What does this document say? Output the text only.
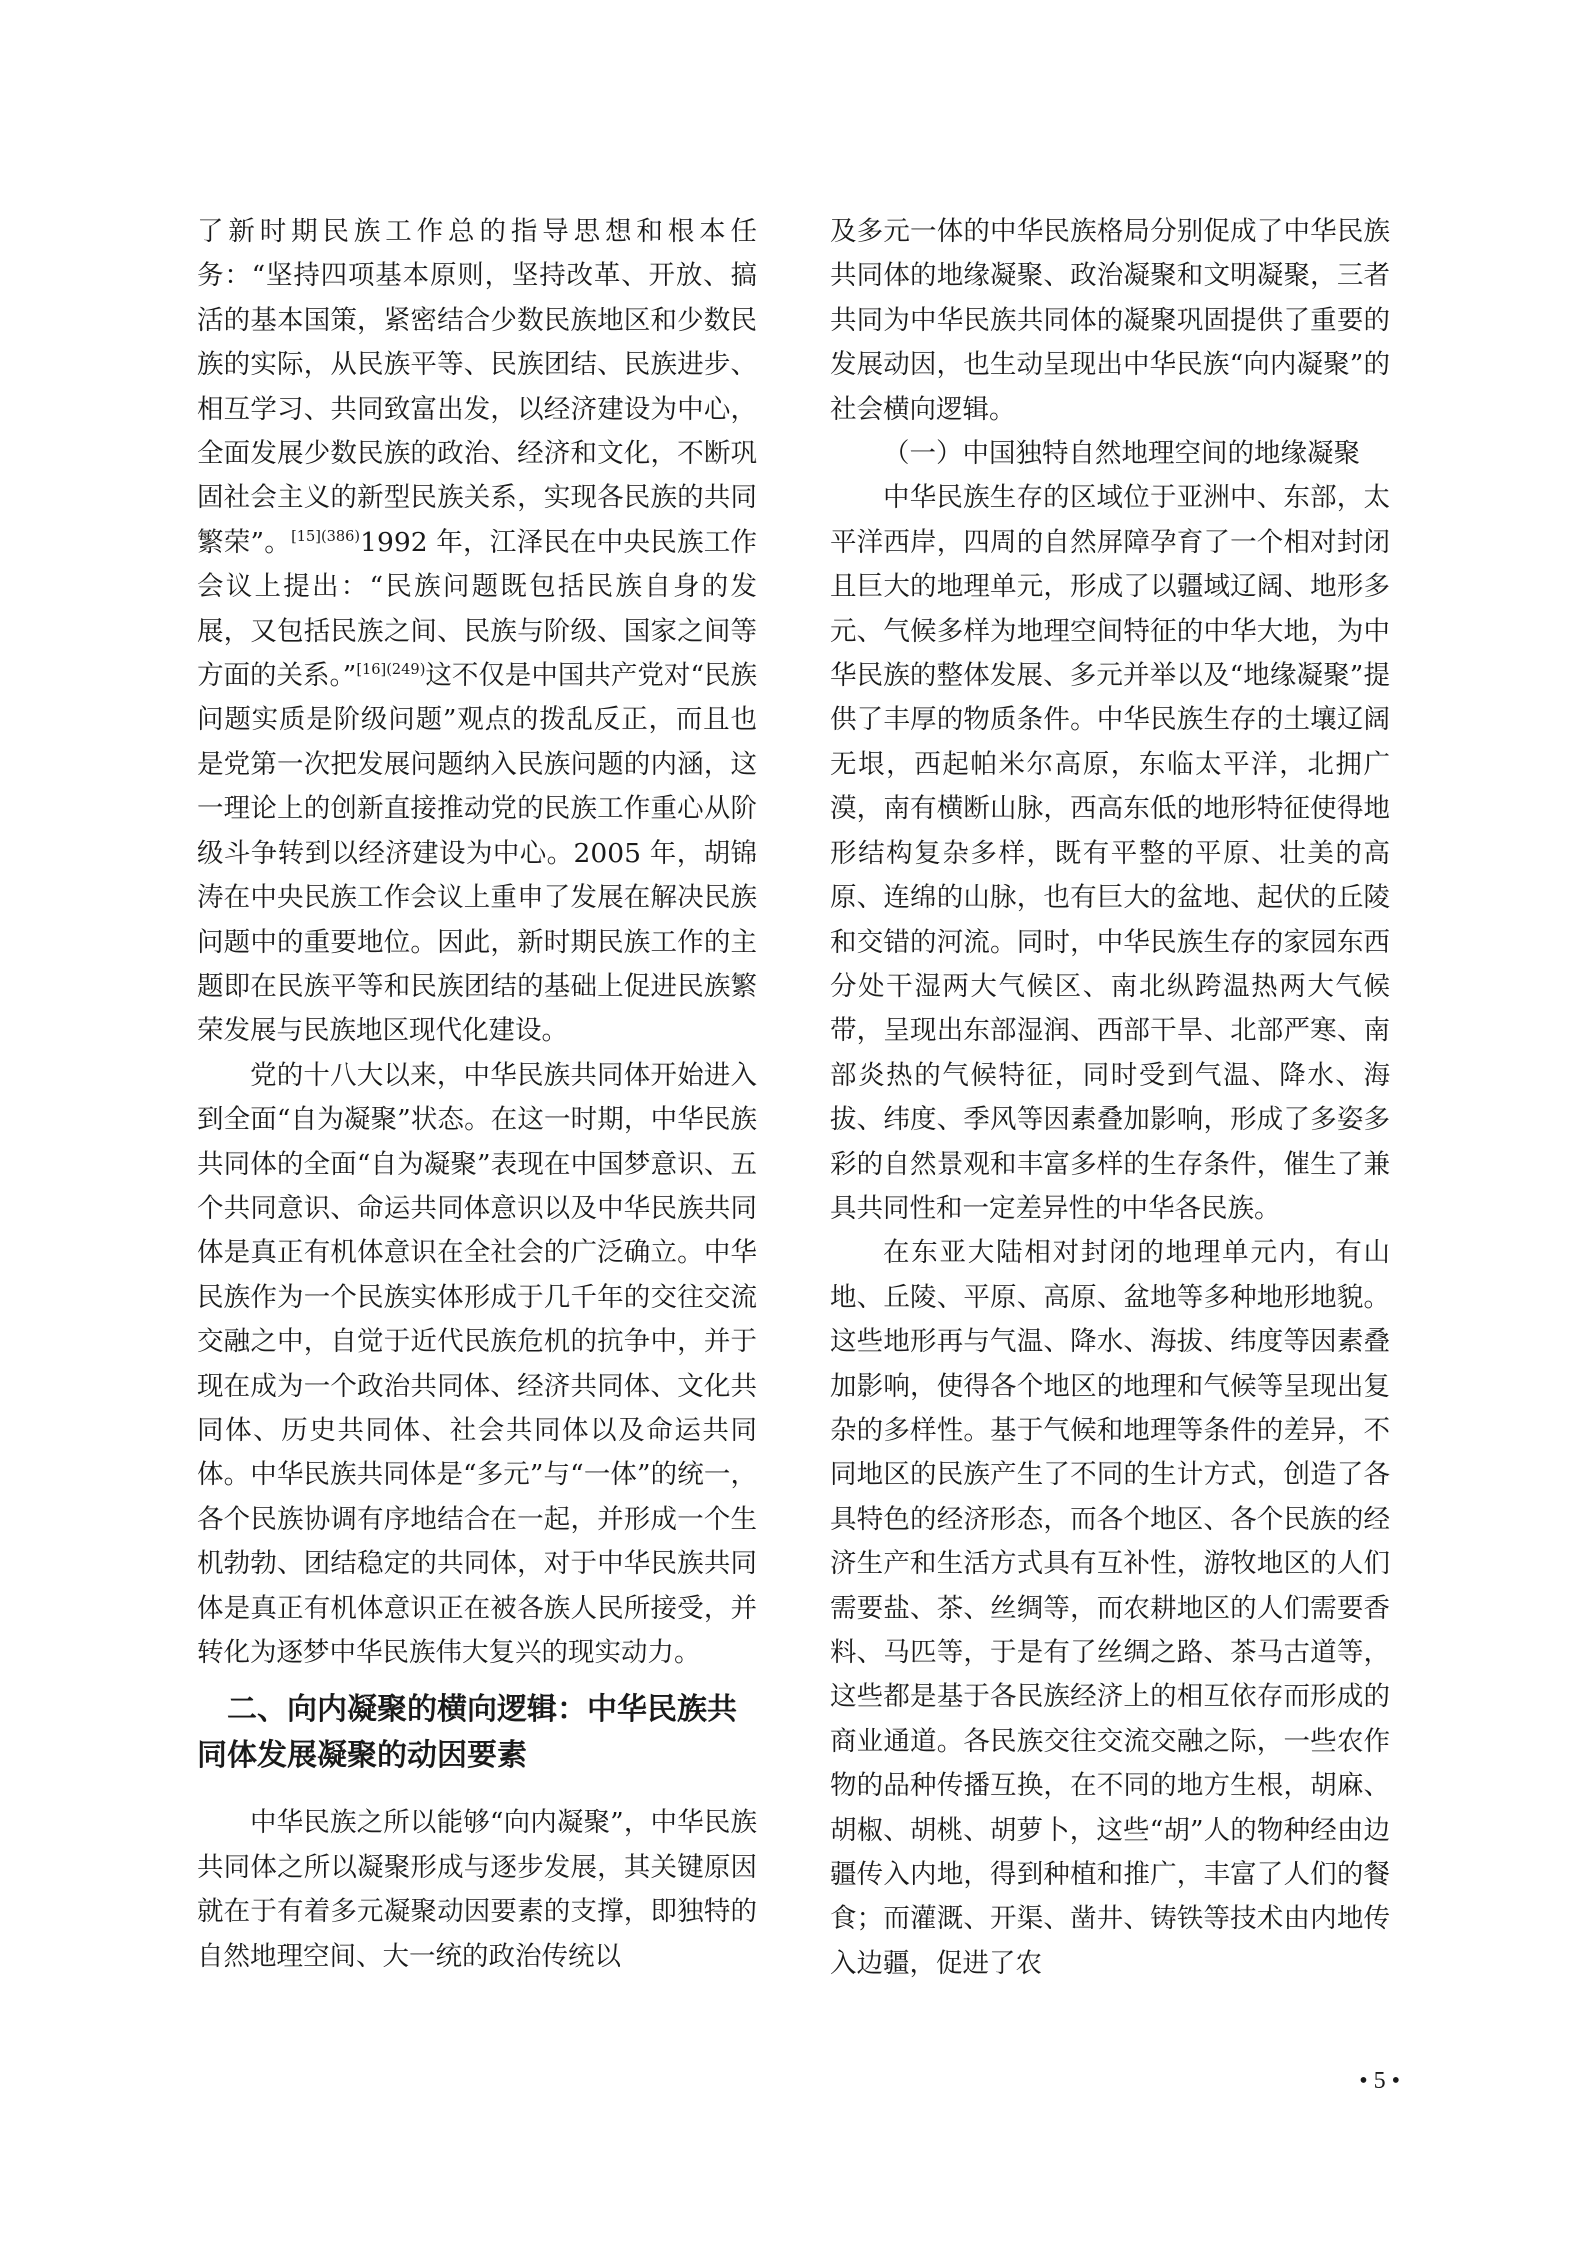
了新时期民族工作总的指导思想和根本任务：“坚持四项基本原则，坚持改革、开放、搞活的基本国策，紧密结合少数民族地区和少数民族的实际，从民族平等、民族团结、民族进步、相互学习、共同致富出发，以经济建设为中心，全面发展少数民族的政治、经济和文化，不断巩固社会主义的新型民族关系，实现各民族的共同繁荣”。$^{[15](386)}$1992 年，江泽民在中央民族工作会议上提出：“民族问题既包括民族自身的发展，又包括民族之间、民族与阶级、国家之间等方面的关系。”$^{[16](249)}$这不仅是中国共产党对“民族问题实质是阶级问题”观点的拨乱反正，而且也是党第一次把发展问题纳入民族问题的内涵，这一理论上的创新直接推动党的民族工作重心从阶级斗争转到以经济建设为中心。2005 年，胡锦涛在中央民族工作会议上重申了发展在解决民族问题中的重要地位。因此，新时期民族工作的主题即在民族平等和民族团结的基础上促进民族繁荣发展与民族地区现代化建设。

党的十八大以来，中华民族共同体开始进入到全面“自为凝聚”状态。在这一时期，中华民族共同体的全面“自为凝聚”表现在中国梦意识、五个共同意识、命运共同体意识以及中华民族共同体是真正有机体意识在全社会的广泛确立。中华民族作为一个民族实体形成于几千年的交往交流交融之中，自觉于近代民族危机的抗争中，并于现在成为一个政治共同体、经济共同体、文化共同体、历史共同体、社会共同体以及命运共同体。中华民族共同体是“多元”与“一体”的统一，各个民族协调有序地结合在一起，并形成一个生机勃勃、团结稳定的共同体，对于中华民族共同体是真正有机体意识正在被各族人民所接受，并转化为逐梦中华民族伟大复兴的现实动力。

二、向内凝聚的横向逻辑：中华民族共同体发展凝聚的动因要素

中华民族之所以能够“向内凝聚”，中华民族共同体之所以凝聚形成与逐步发展，其关键原因就在于有着多元凝聚动因要素的支撑，即独特的自然地理空间、大一统的政治传统以

及多元一体的中华民族格局分别促成了中华民族共同体的地缘凝聚、政治凝聚和文明凝聚，三者共同为中华民族共同体的凝聚巩固提供了重要的发展动因，也生动呈现出中华民族“向内凝聚”的社会横向逻辑。

（一）中国独特自然地理空间的地缘凝聚

中华民族生存的区域位于亚洲中、东部，太平洋西岸，四周的自然屏障孕育了一个相对封闭且巨大的地理单元，形成了以疆域辽阔、地形多元、气候多样为地理空间特征的中华大地，为中华民族的整体发展、多元并举以及“地缘凝聚”提供了丰厚的物质条件。中华民族生存的土壤辽阔无垠，西起帕米尔高原，东临太平洋，北拥广漠，南有横断山脉，西高东低的地形特征使得地形结构复杂多样，既有平整的平原、壮美的高原、连绵的山脉，也有巨大的盆地、起伏的丘陵和交错的河流。同时，中华民族生存的家园东西分处干湿两大气候区、南北纵跨温热两大气候带，呈现出东部湿润、西部干旱、北部严寒、南部炎热的气候特征，同时受到气温、降水、海拔、纬度、季风等因素叠加影响，形成了多姿多彩的自然景观和丰富多样的生存条件，催生了兼具共同性和一定差异性的中华各民族。

在东亚大陆相对封闭的地理单元内，有山地、丘陵、平原、高原、盆地等多种地形地貌。这些地形再与气温、降水、海拔、纬度等因素叠加影响，使得各个地区的地理和气候等呈现出复杂的多样性。基于气候和地理等条件的差异，不同地区的民族产生了不同的生计方式，创造了各具特色的经济形态，而各个地区、各个民族的经济生产和生活方式具有互补性，游牧地区的人们需要盐、茶、丝绸等，而农耕地区的人们需要香料、马匹等，于是有了丝绸之路、茶马古道等，这些都是基于各民族经济上的相互依存而形成的商业通道。各民族交往交流交融之际，一些农作物的品种传播互换，在不同的地方生根，胡麻、胡椒、胡桃、胡萝卜，这些“胡”人的物种经由边疆传入内地，得到种植和推广，丰富了人们的餐食；而灌溉、开渠、凿井、铸铁等技术由内地传入边疆，促进了农

• 5 •
